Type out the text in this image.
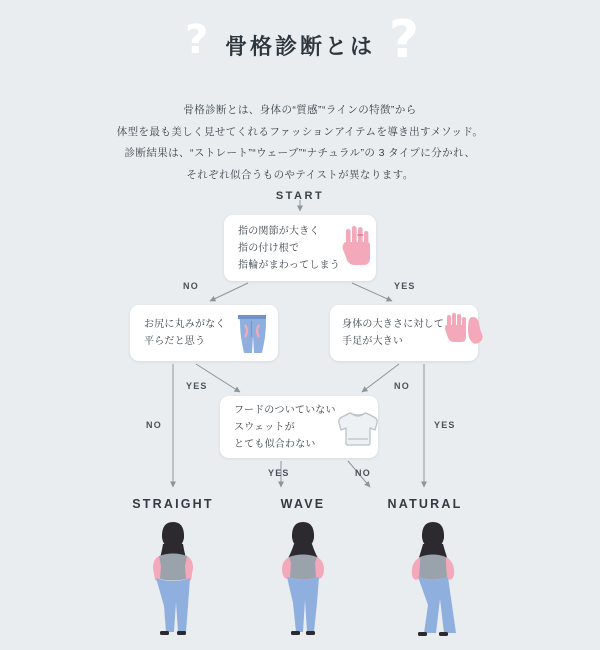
? 骨格診断とは ?
骨格診断とは、身体の“質感”“ラインの特徴”から
体型を最も美しく見せてくれるファッションアイテムを導き出すメソッド。
診断結果は、“ストレート”“ウェーブ”“ナチュラル”の 3 タイプに分かれ、
それぞれ似合うものやテイストが異なります。
START
指の関節が大きく
指の付け根で
指輪がまわってしまう
お尻に丸みがなく
平らだと思う
身体の大きさに対して
手足が大きい
フードのついていない
スウェットが
とても似合わない
NO	YES
YES
NO
NO
YES
YES	NO
STRAIGHT	WAVE	NATURAL
